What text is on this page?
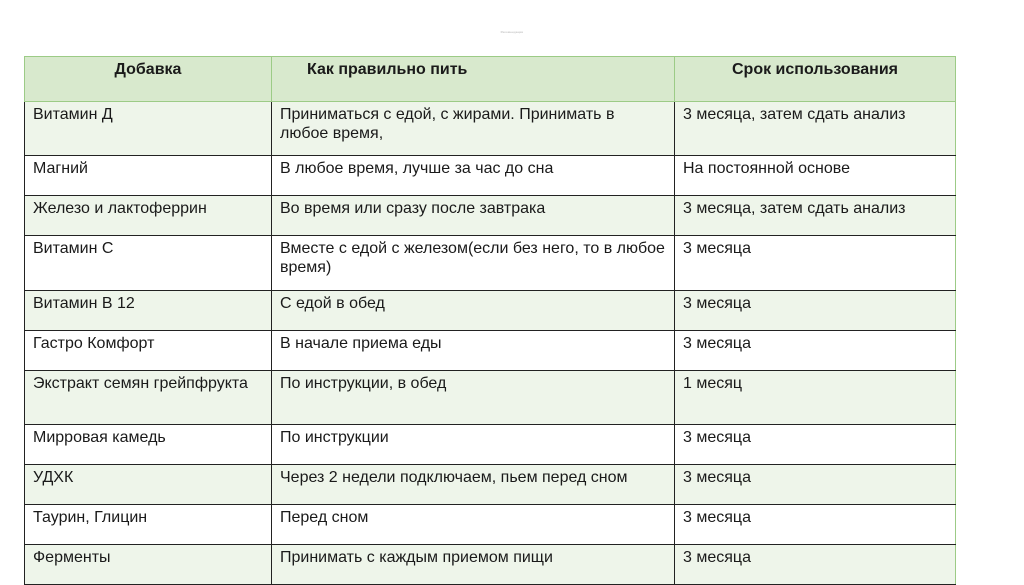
Рекомендации
Добавка	Как правильно пить	Срок использования
Витамин Д	Приниматься с едой, с жирами. Принимать в любое время,	3 месяца, затем сдать анализ
Магний	В любое время, лучше за час до сна	На постоянной основе
Железо и лактоферрин	Во время или сразу после завтрака	3 месяца, затем сдать анализ
Витамин С	Вместе с едой с железом(если без него, то в любое время)	3 месяца
Витамин В 12	С едой в обед	3 месяца
Гастро Комфорт	В начале приема еды	3 месяца
Экстракт семян грейпфрукта	По инструкции, в обед	1 месяц
Мирровая камедь	По инструкции	3 месяца
УДХК	Через 2 недели подключаем, пьем перед сном	3 месяца
Таурин, Глицин	Перед сном	3 месяца
Ферменты	Принимать с каждым приемом пищи	3 месяца
